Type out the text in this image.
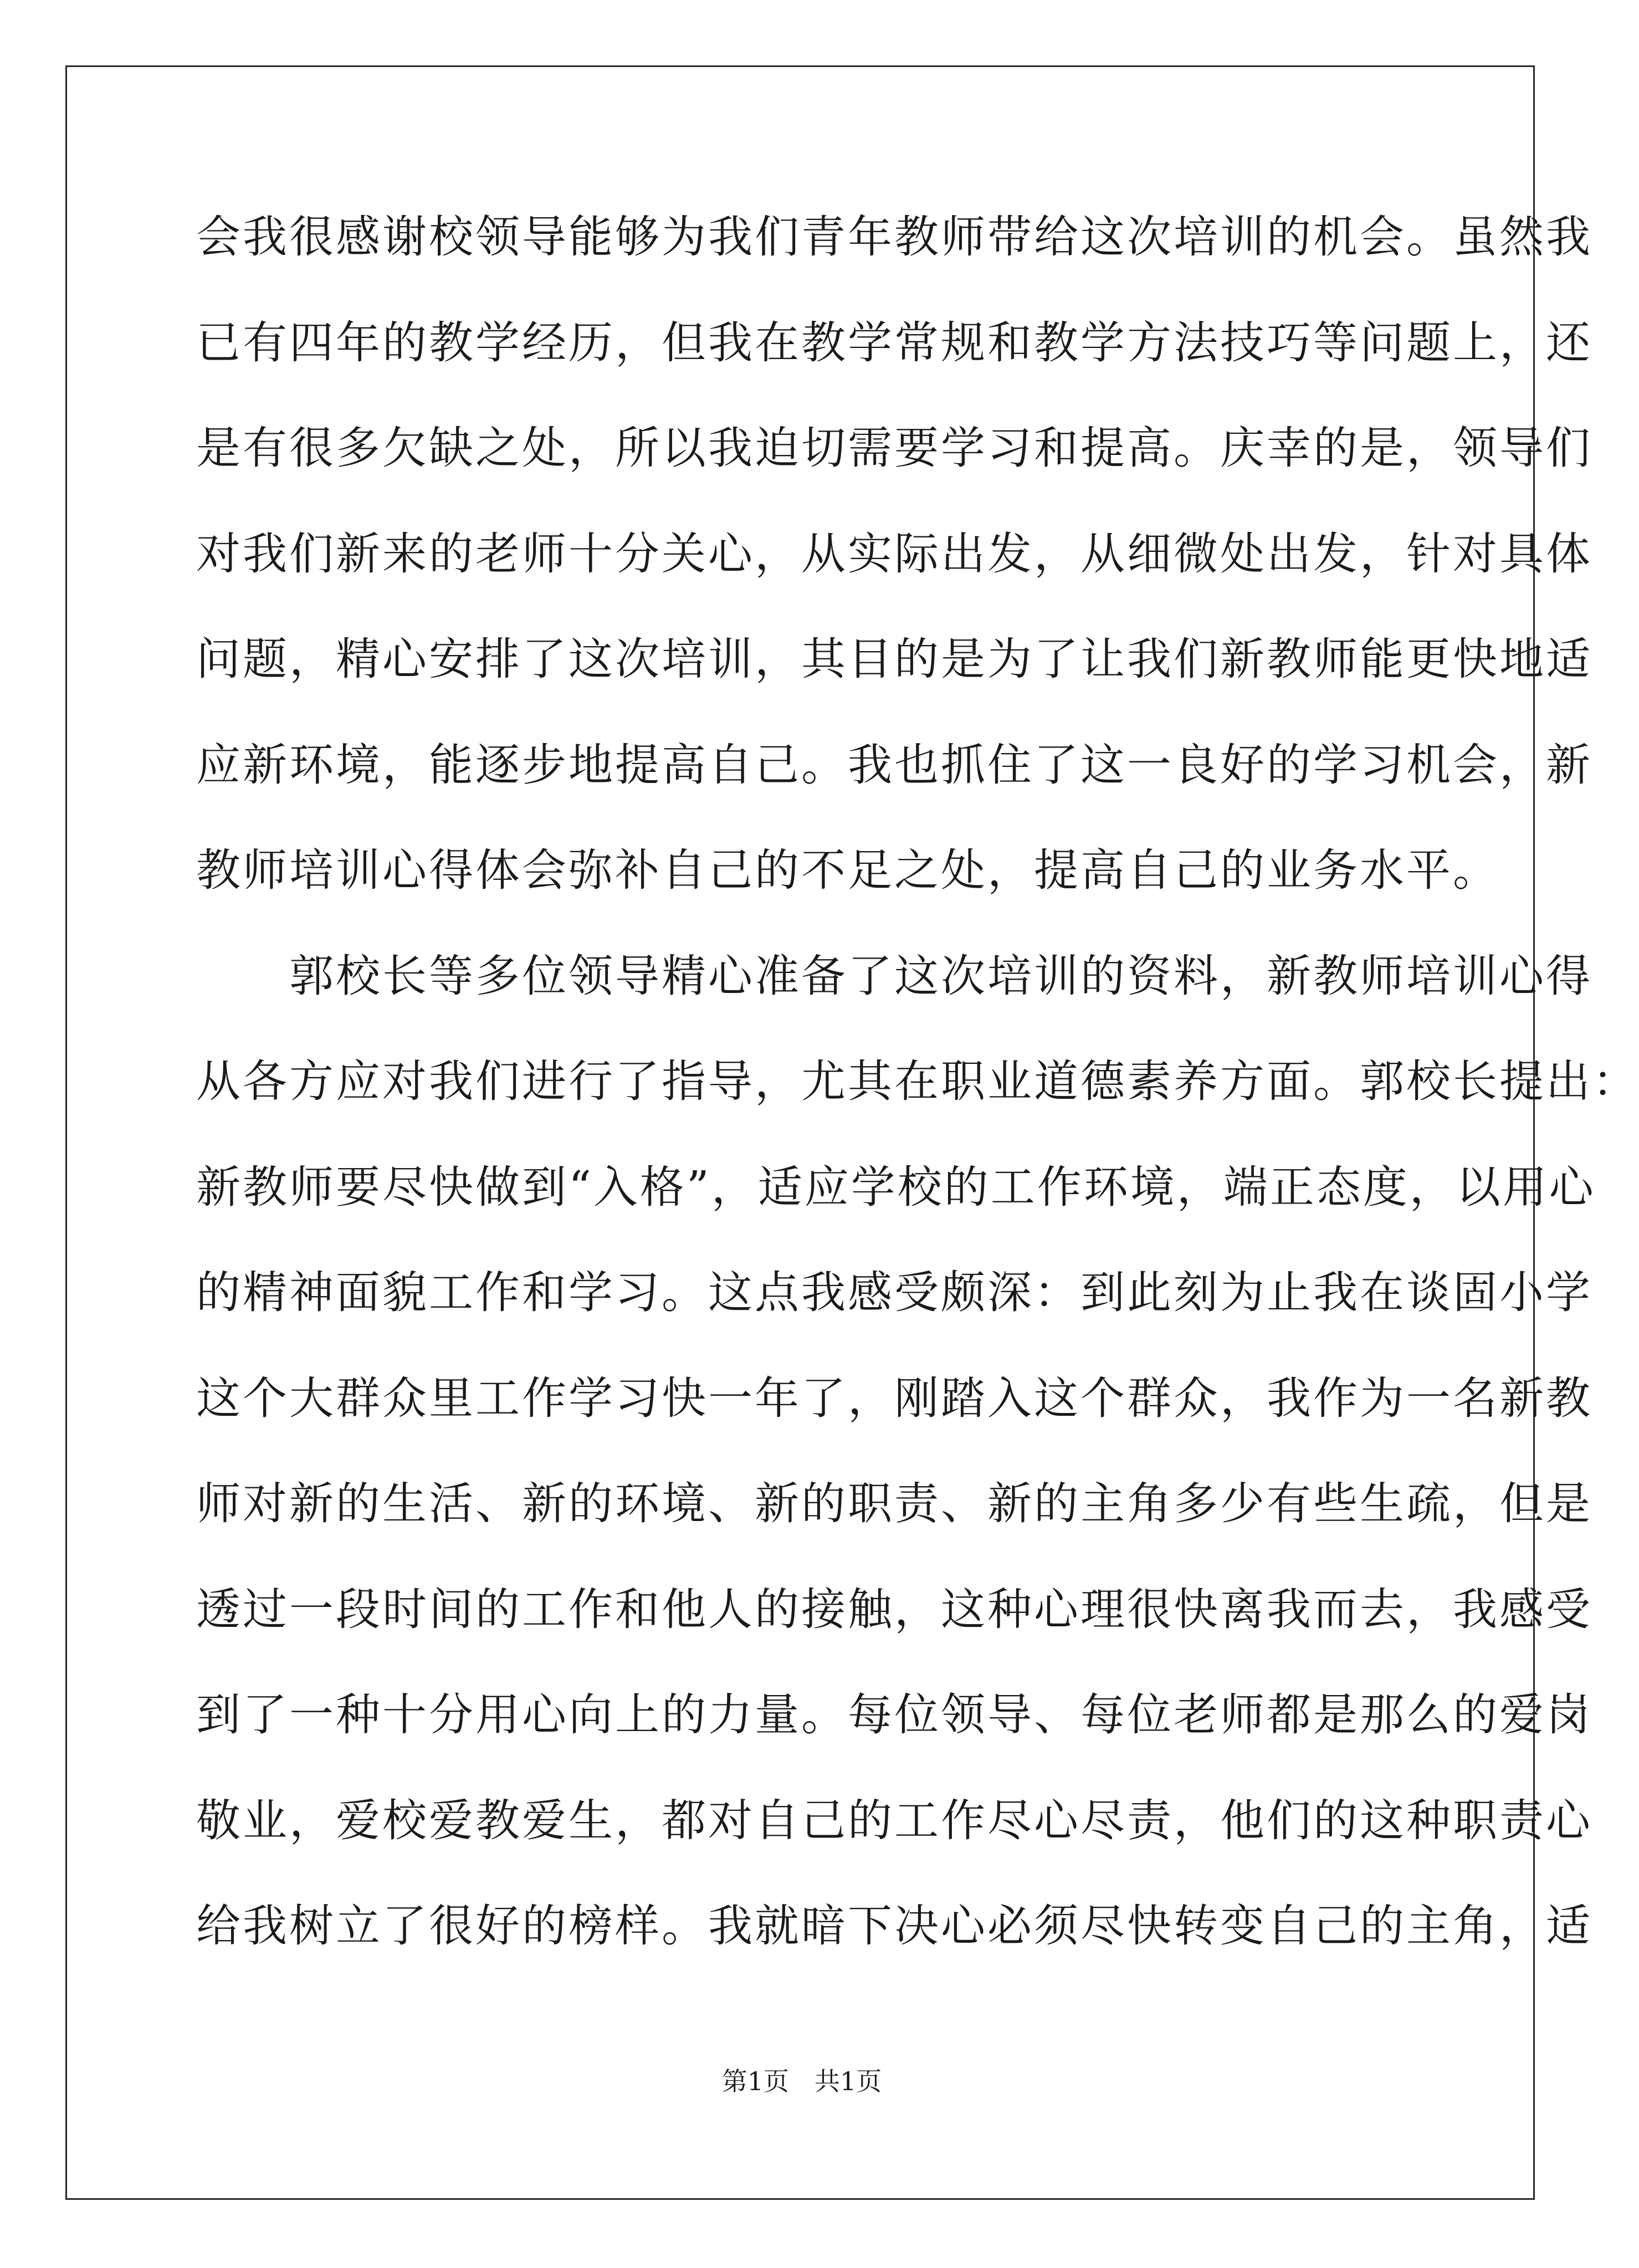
会我很感谢校领导能够为我们青年教师带给这次培训的机会。虽然我
已有四年的教学经历，但我在教学常规和教学方法技巧等问题上，还
是有很多欠缺之处，所以我迫切需要学习和提高。庆幸的是，领导们
对我们新来的老师十分关心，从实际出发，从细微处出发，针对具体
问题，精心安排了这次培训，其目的是为了让我们新教师能更快地适
应新环境，能逐步地提高自己。我也抓住了这一良好的学习机会，新
教师培训心得体会弥补自己的不足之处，提高自己的业务水平。
　　郭校长等多位领导精心准备了这次培训的资料，新教师培训心得
从各方应对我们进行了指导，尤其在职业道德素养方面。郭校长提出：
新教师要尽快做到“入格”，适应学校的工作环境，端正态度，以用心
的精神面貌工作和学习。这点我感受颇深：到此刻为止我在谈固小学
这个大群众里工作学习快一年了，刚踏入这个群众，我作为一名新教
师对新的生活、新的环境、新的职责、新的主角多少有些生疏，但是
透过一段时间的工作和他人的接触，这种心理很快离我而去，我感受
到了一种十分用心向上的力量。每位领导、每位老师都是那么的爱岗
敬业，爱校爱教爱生，都对自己的工作尽心尽责，他们的这种职责心
给我树立了很好的榜样。我就暗下决心必须尽快转变自己的主角，适
第1页　共1页
